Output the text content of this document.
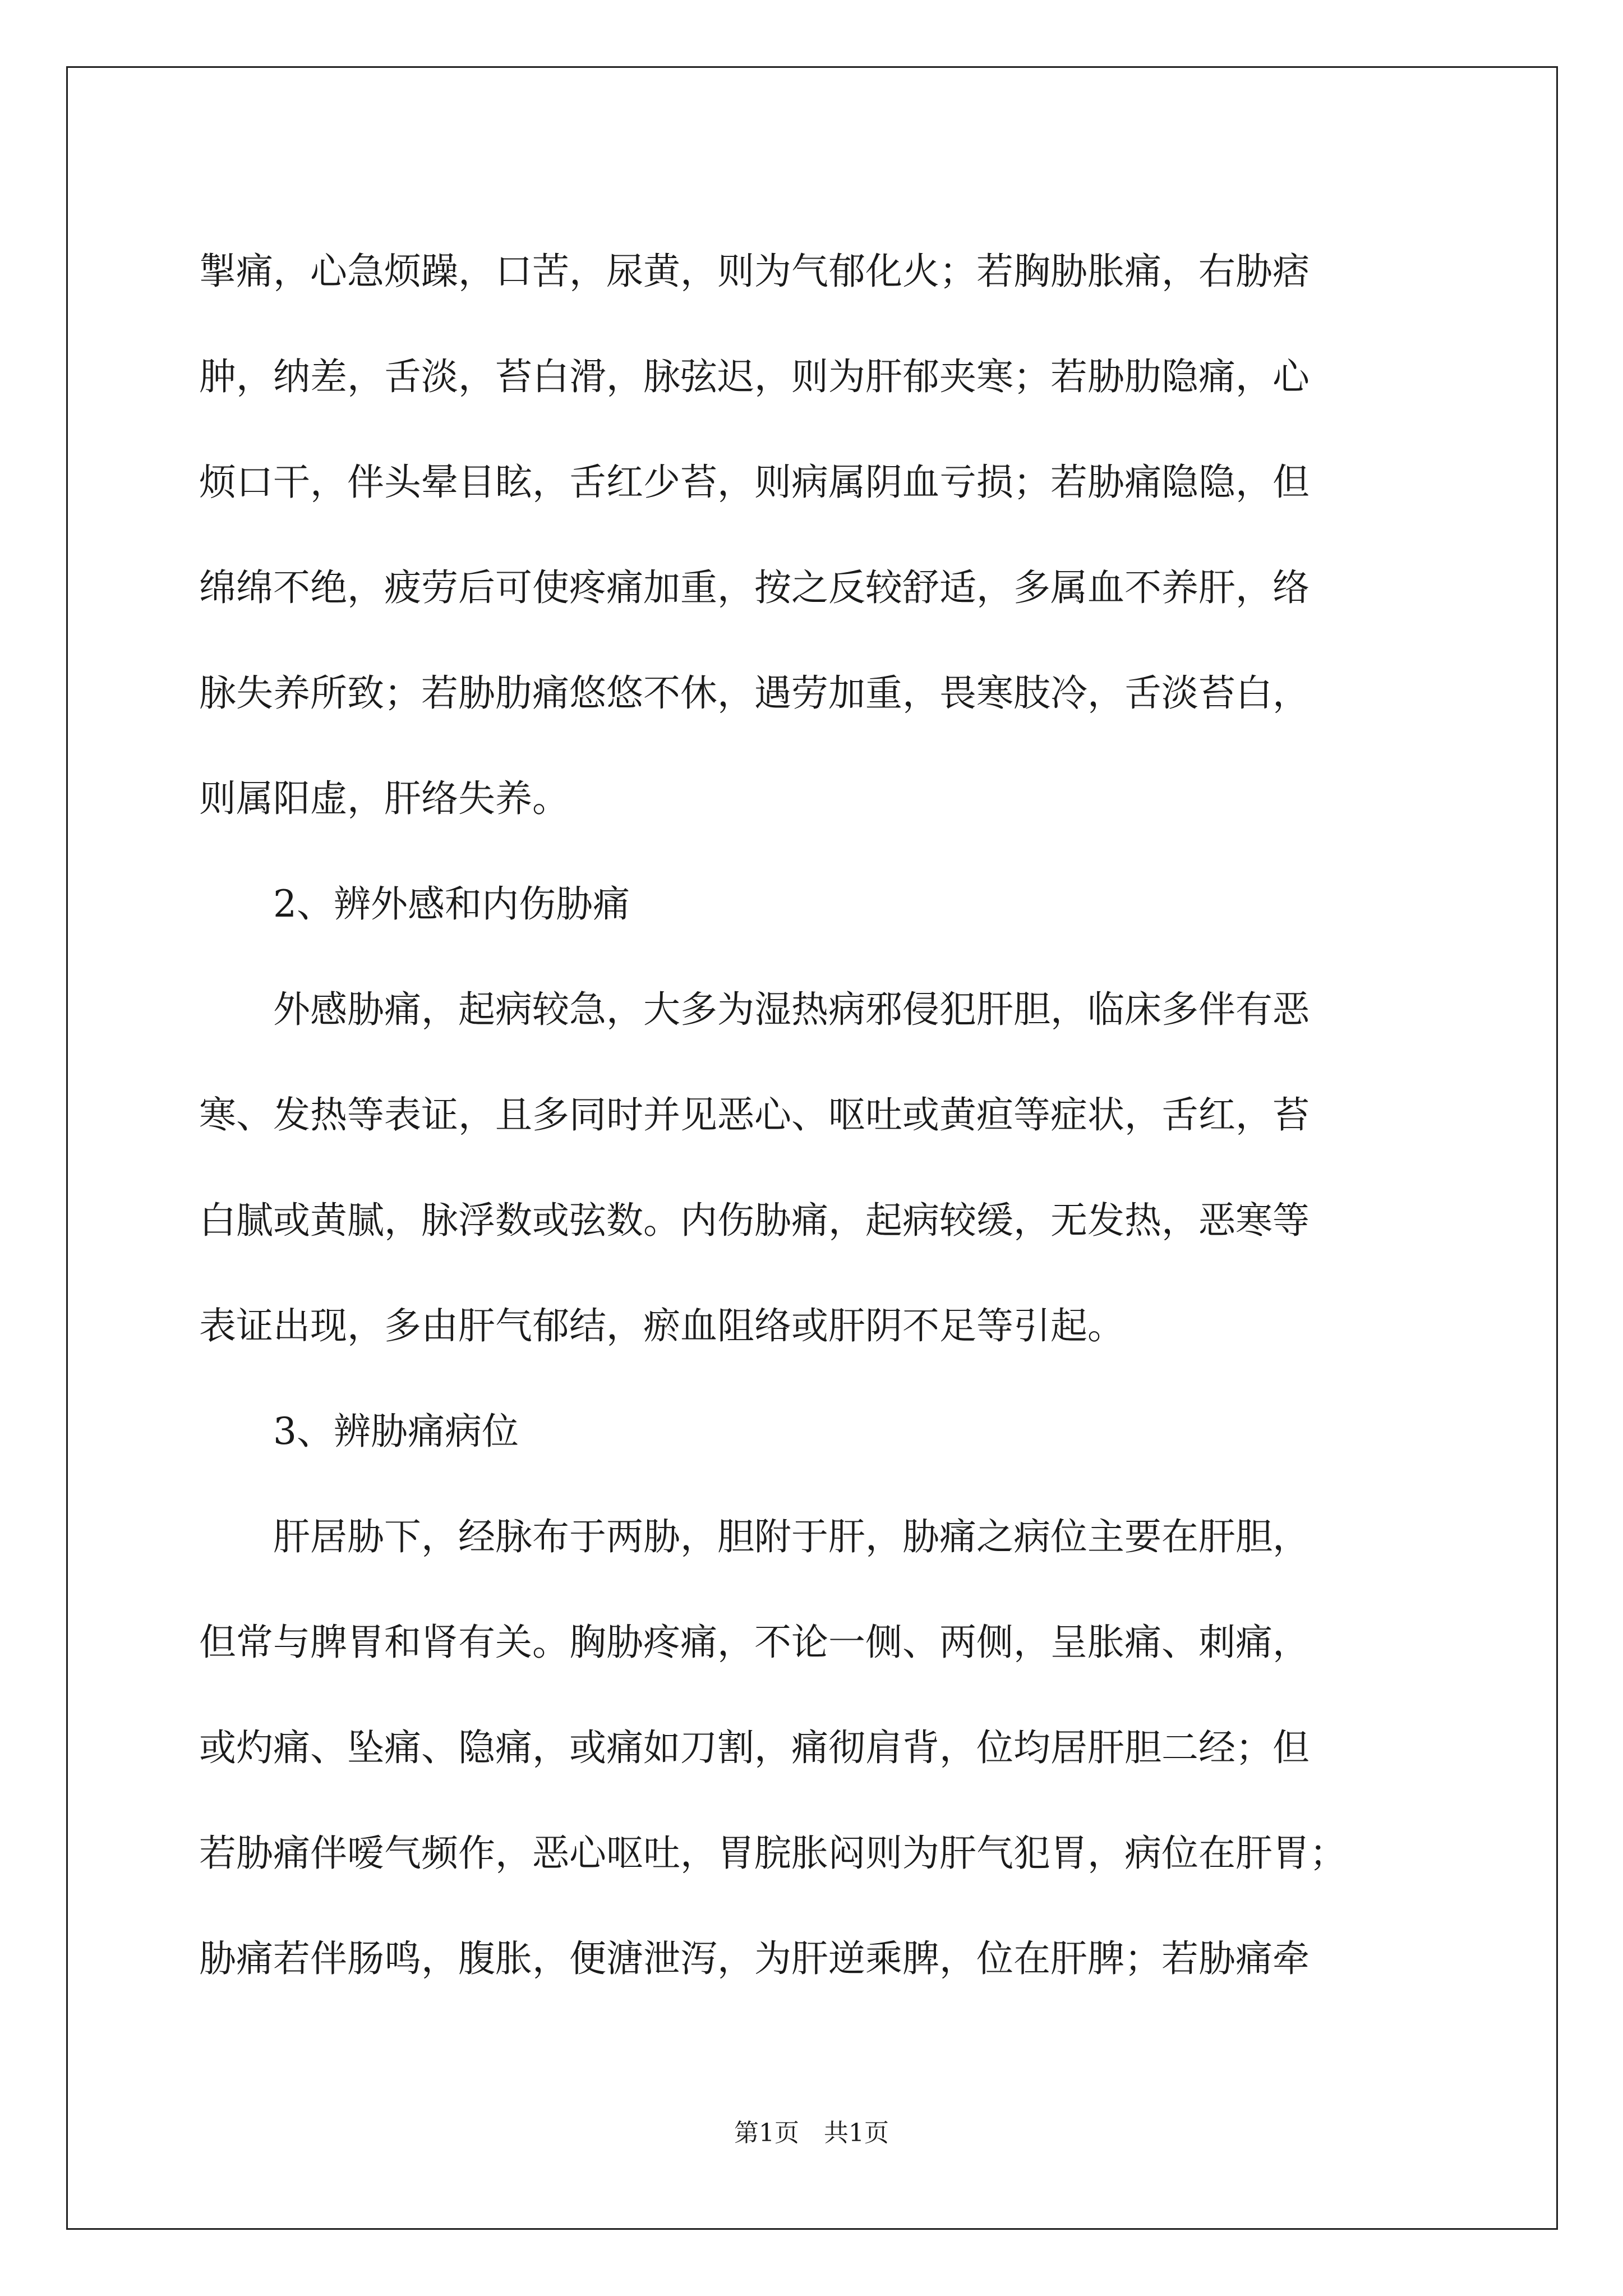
掣痛，心急烦躁，口苦，尿黄，则为气郁化火；若胸胁胀痛，右胁痞
肿，纳差，舌淡，苔白滑，脉弦迟，则为肝郁夹寒；若胁肋隐痛，心
烦口干，伴头晕目眩，舌红少苔，则病属阴血亏损；若胁痛隐隐，但
绵绵不绝，疲劳后可使疼痛加重，按之反较舒适，多属血不养肝，络
脉失养所致；若胁肋痛悠悠不休，遇劳加重，畏寒肢冷，舌淡苔白，
则属阳虚，肝络失养。
2、辨外感和内伤胁痛
外感胁痛，起病较急，大多为湿热病邪侵犯肝胆，临床多伴有恶
寒、发热等表证，且多同时并见恶心、呕吐或黄疸等症状，舌红，苔
白腻或黄腻，脉浮数或弦数。内伤胁痛，起病较缓，无发热，恶寒等
表证出现，多由肝气郁结，瘀血阻络或肝阴不足等引起。
3、辨胁痛病位
肝居胁下，经脉布于两胁，胆附于肝，胁痛之病位主要在肝胆，
但常与脾胃和肾有关。胸胁疼痛，不论一侧、两侧，呈胀痛、刺痛，
或灼痛、坠痛、隐痛，或痛如刀割，痛彻肩背，位均居肝胆二经；但
若胁痛伴嗳气频作，恶心呕吐，胃脘胀闷则为肝气犯胃，病位在肝胃；
胁痛若伴肠鸣，腹胀，便溏泄泻，为肝逆乘脾，位在肝脾；若胁痛牵
第1页　共1页
